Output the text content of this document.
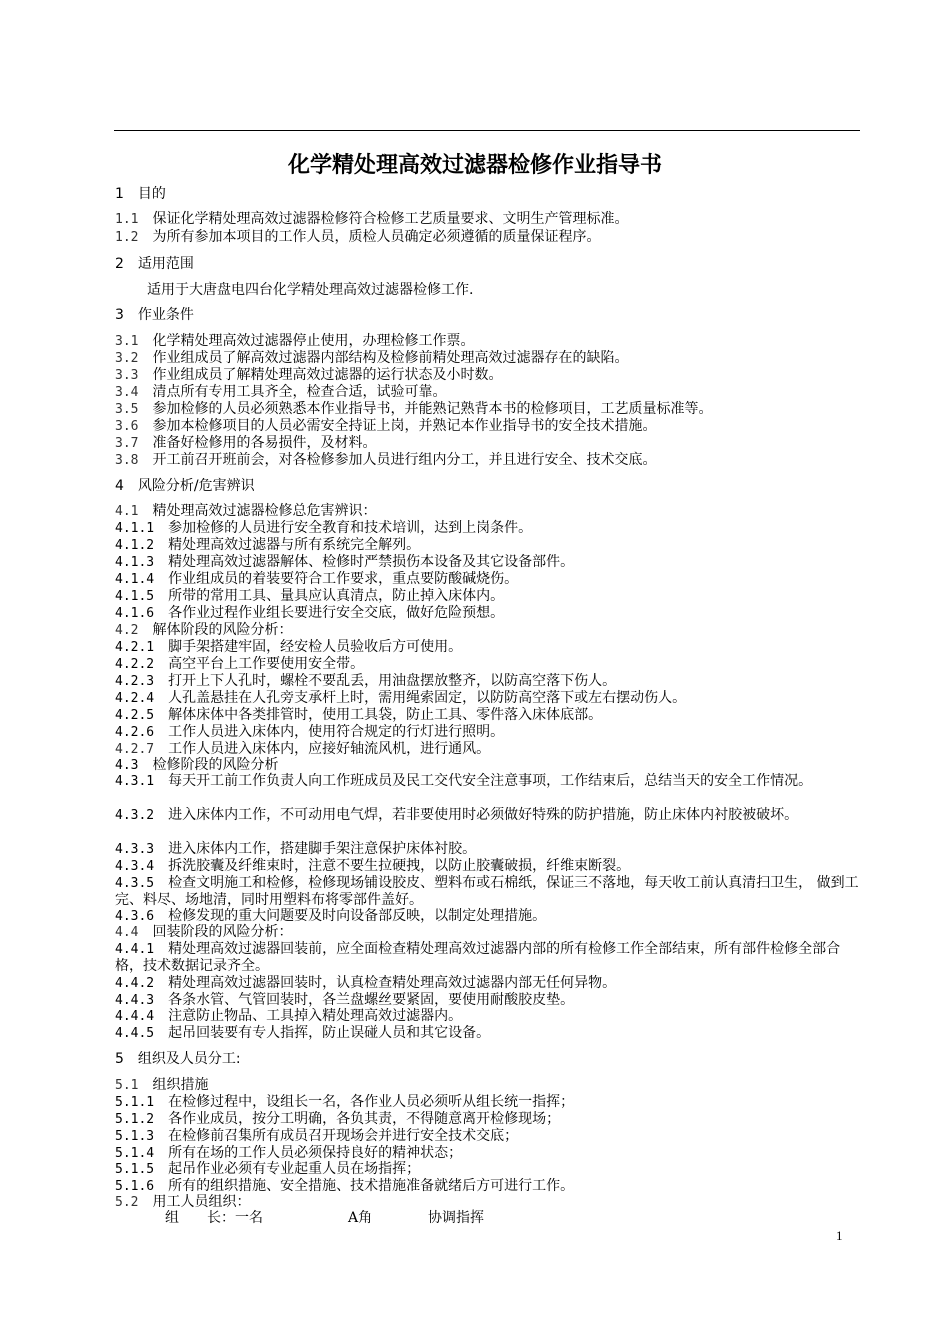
化学精处理高效过滤器检修作业指导书
1　 目的
1.1　 保证化学精处理高效过滤器检修符合检修工艺质量要求、文明生产管理标准。
1.2　 为所有参加本项目的工作人员，质检人员确定必须遵循的质量保证程序。
2　 适用范围
适用于大唐盘电四台化学精处理高效过滤器检修工作.
3　 作业条件
3.1　 化学精处理高效过滤器停止使用，办理检修工作票。
3.2　 作业组成员了解高效过滤器内部结构及检修前精处理高效过滤器存在的缺陷。
3.3　 作业组成员了解精处理高效过滤器的运行状态及小时数。
3.4　 清点所有专用工具齐全，检查合适，试验可靠。
3.5　 参加检修的人员必须熟悉本作业指导书，并能熟记熟背本书的检修项目，工艺质量标准等。
3.6　 参加本检修项目的人员必需安全持证上岗，并熟记本作业指导书的安全技术措施。
3.7　 准备好检修用的各易损件，及材料。
3.8　 开工前召开班前会，对各检修参加人员进行组内分工，并且进行安全、技术交底。
4　 风险分析/危害辨识
4.1　 精处理高效过滤器检修总危害辨识：
4.1.1　 参加检修的人员进行安全教育和技术培训，达到上岗条件。
4.1.2　 精处理高效过滤器与所有系统完全解列。
4.1.3　 精处理高效过滤器解体、检修时严禁损伤本设备及其它设备部件。
4.1.4　 作业组成员的着装要符合工作要求，重点要防酸碱烧伤。
4.1.5　 所带的常用工具、量具应认真清点，防止掉入床体内。
4.1.6　 各作业过程作业组长要进行安全交底，做好危险预想。
4.2　 解体阶段的风险分析：
4.2.1　 脚手架搭建牢固，经安检人员验收后方可使用。
4.2.2　 高空平台上工作要使用安全带。
4.2.3　 打开上下人孔时，螺栓不要乱丢，用油盘摆放整齐，以防高空落下伤人。
4.2.4　 人孔盖悬挂在人孔旁支承杆上时，需用绳索固定，以防防高空落下或左右摆动伤人。
4.2.5　 解体床体中各类排管时，使用工具袋，防止工具、零件落入床体底部。
4.2.6　 工作人员进入床体内，使用符合规定的行灯进行照明。
4.2.7　 工作人员进入床体内，应接好轴流风机，进行通风。
4.3　 检修阶段的风险分析
4.3.1　 每天开工前工作负责人向工作班成员及民工交代安全注意事项，工作结束后，总结当天的安全工作情况。
4.3.2　 进入床体内工作，不可动用电气焊，若非要使用时必须做好特殊的防护措施，防止床体内衬胶被破坏。
4.3.3　 进入床体内工作，搭建脚手架注意保护床体衬胶。
4.3.4　 拆洗胶囊及纤维束时，注意不要生拉硬拽，以防止胶囊破损，纤维束断裂。
4.3.5　 检查文明施工和检修，检修现场铺设胶皮、塑料布或石棉纸，保证三不落地，每天收工前认真清扫卫生， 做到工完、料尽、场地清，同时用塑料布将零部件盖好。
4.3.6　 检修发现的重大问题要及时向设备部反映，以制定处理措施。
4.4　 回装阶段的风险分析：
4.4.1　 精处理高效过滤器回装前，应全面检查精处理高效过滤器内部的所有检修工作全部结束，所有部件检修全部合格，技术数据记录齐全。
4.4.2　 精处理高效过滤器回装时，认真检查精处理高效过滤器内部无任何异物。
4.4.3　 各条水管、气管回装时，各兰盘螺丝要紧固，要使用耐酸胶皮垫。
4.4.4　 注意防止物品、工具掉入精处理高效过滤器内。
4.4.5　 起吊回装要有专人指挥，防止误碰人员和其它设备。
5　 组织及人员分工:
5.1　 组织措施
5.1.1　 在检修过程中，设组长一名，各作业人员必须听从组长统一指挥；
5.1.2　 各作业成员，按分工明确，各负其责，不得随意离开检修现场；
5.1.3　 在检修前召集所有成员召开现场会并进行安全技术交底；
5.1.4　 所有在场的工作人员必须保持良好的精神状态；
5.1.5　 起吊作业必须有专业起重人员在场指挥；
5.1.6　 所有的组织措施、安全措施、技术措施准备就绪后方可进行工作。
5.2　 用工人员组织：
组　　长：一名	A角	协调指挥
1
